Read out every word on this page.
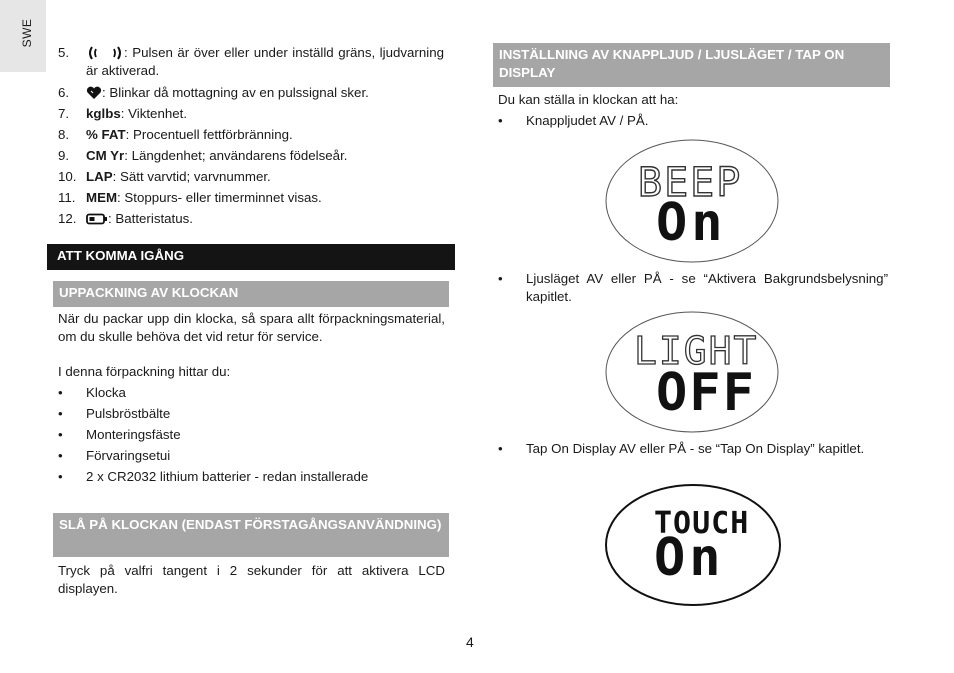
SWE
5.	: Pulsen är över eller under inställd gräns, ljudvarning är aktiverad.
6.	: Blinkar då mottagning av en pulssignal sker.
7.	kglbs: Viktenhet.
8.	% FAT: Procentuell fettförbränning.
9.	CM Yr: Längdenhet; användarens födelseår.
10. LAP: Sätt varvtid; varvnummer.
11. MEM: Stoppurs- eller timerminnet visas.
12.	: Batteristatus.
ATT KOMMA IGÅNG
UPPACKNING AV KLOCKAN
När du packar upp din klocka, så spara allt förpackningsmaterial, om du skulle behöva det vid retur för service.
I denna förpackning hittar du:
• Klocka
• Pulsbröstbälte
• Monteringsfäste
• Förvaringsetui
• 2 x CR2032 lithium batterier - redan installerade
SLÅ PÅ KLOCKAN (ENDAST FÖRSTAGÅNGSANVÄNDNING)
Tryck på valfri tangent i 2 sekunder för att aktivera LCD displayen.
INSTÄLLNING AV KNAPPLJUD / LJUSLÄGET / TAP ON DISPLAY
Du kan ställa in klockan att ha:
• Knappljudet AV / PÅ.
BEEP
On
• Ljusläget AV eller PÅ - se “Aktivera Bakgrundsbelysning” kapitlet.
LIGHT
OFF
• Tap On Display AV eller PÅ - se “Tap On Display” kapitlet.
TOUCH
On
4
